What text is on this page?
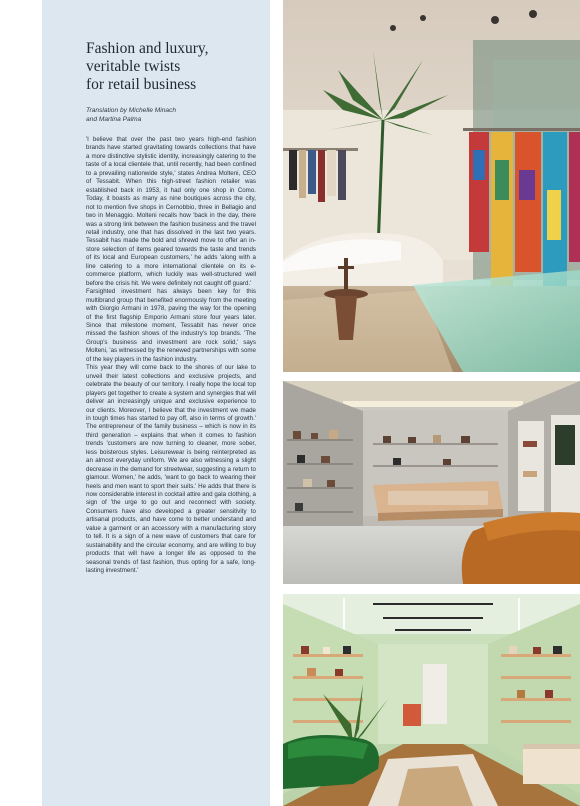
Fashion and luxury,
veritable twists
for retail business
Translation by Michelle Minach
and Martina Palma

'I believe that over the past two years high-end fashion brands have started gravitating towards collections that have a more distinctive stylistic identity, increasingly catering to the taste of a local clientele that, until recently, had been confined to a prevailing nationwide style,' states Andrea Molteni, CEO of Tessabit. When this high-street fashion retailer was established back in 1953, it had only one shop in Como. Today, it boasts as many as nine boutiques across the city, not to mention five shops in Cernobbio, three in Bellagio and two in Menaggio. Molteni recalls how 'back in the day, there was a strong link between the fashion business and the travel retail industry, one that has dissolved in the last two years. Tessabit has made the bold and shrewd move to offer an in-store selection of items geared towards the taste and trends of its local and European customers,' he adds 'along with a line catering to a more international clientele on its e-commerce platform, which luckily was well-structured well before the crisis hit. We were definitely not caught off guard.'

Farsighted investment has always been key for this multibrand group that benefited enormously from the meeting with Giorgio Armani in 1978, paving the way for the opening of the first flagship Emporio Armani store four years later. Since that milestone moment, Tessabit has never once missed the fashion shows of the industry's top brands. 'The Group's business and investment are rock solid,' says Molteni, 'as witnessed by the renewed partnerships with some of the key players in the fashion industry.

This year they will come back to the shores of our lake to unveil their latest collections and exclusive projects, and celebrate the beauty of our territory. I really hope the local top players get together to create a system and synergies that will deliver an increasingly unique and exclusive experience to our clients. Moreover, I believe that the investment we made in tough times has started to pay off, also in terms of growth.' The entrepreneur of the family business – which is now in its third generation – explains that when it comes to fashion trends 'customers are now turning to cleaner, more sober, less boisterous styles. Leisurewear is being reinterpreted as an almost everyday uniform. We are also witnessing a slight decrease in the demand for streetwear, suggesting a return to glamour. Women,' he adds, 'want to go back to wearing their heels and men want to sport their suits.' He adds that there is now considerable interest in cocktail attire and gala clothing, a sign of 'the urge to go out and reconnect with society. Consumers have also developed a greater sensitivity to artisanal products, and have come to better understand and value a garment or an accessory with a manufacturing story to tell. It is a sign of a new wave of customers that care for sustainability and the circular economy, and are willing to buy products that will have a longer life as opposed to the seasonal trends of fast fashion, thus opting for a safe, long-lasting investment.'
